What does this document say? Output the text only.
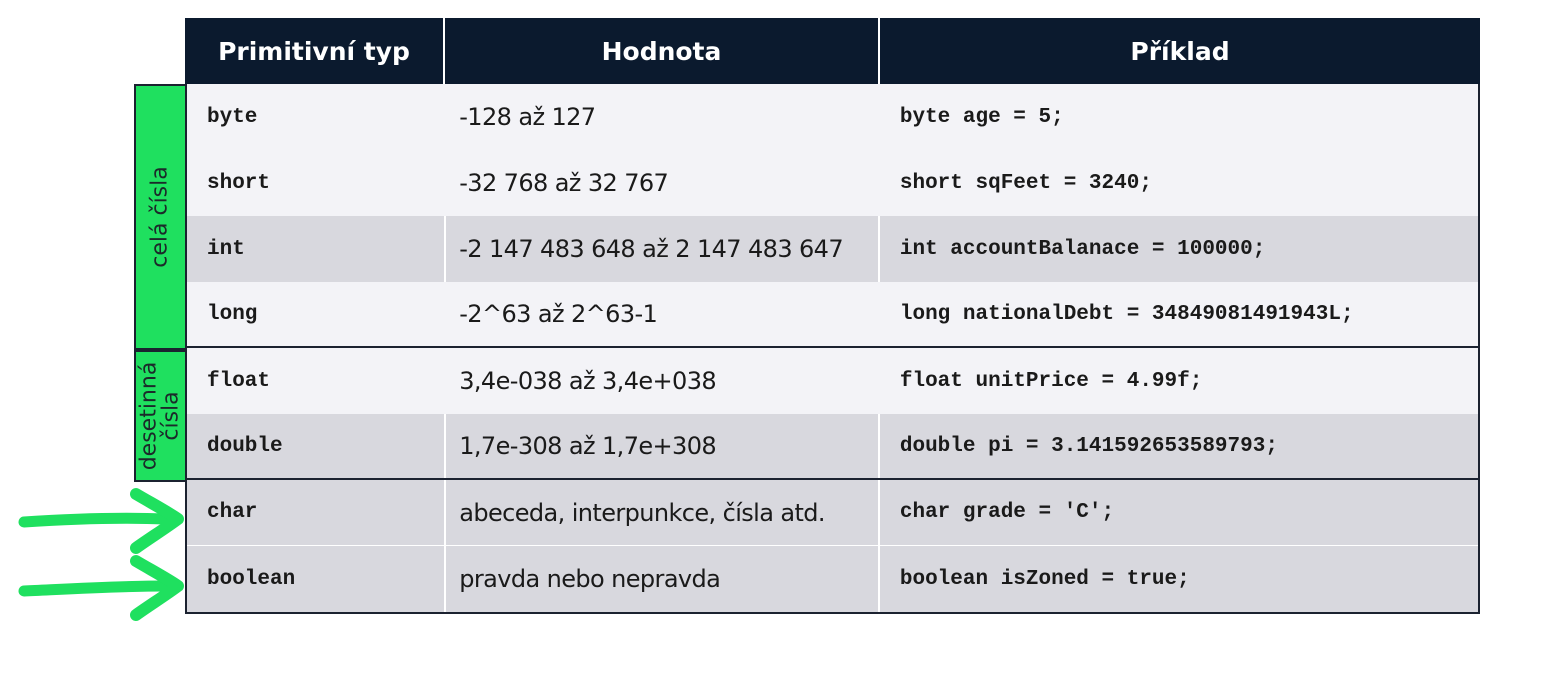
celá čísla
desetinná
čísla
Primitivní typ	Hodnota	Příklad
byte	-128 až 127	byte age = 5;
short	-32 768 až 32 767	short sqFeet = 3240;
int	-2 147 483 648 až 2 147 483 647	int accountBalanace = 100000;
long	-2^63 až 2^63-1	long nationalDebt = 34849081491943L;
float	3,4e-038 až 3,4e+038	float unitPrice = 4.99f;
double	1,7e-308 až 1,7e+308	double pi = 3.141592653589793;
char	abeceda, interpunkce, čísla atd.	char grade = 'C';
boolean	pravda nebo nepravda	boolean isZoned = true;
